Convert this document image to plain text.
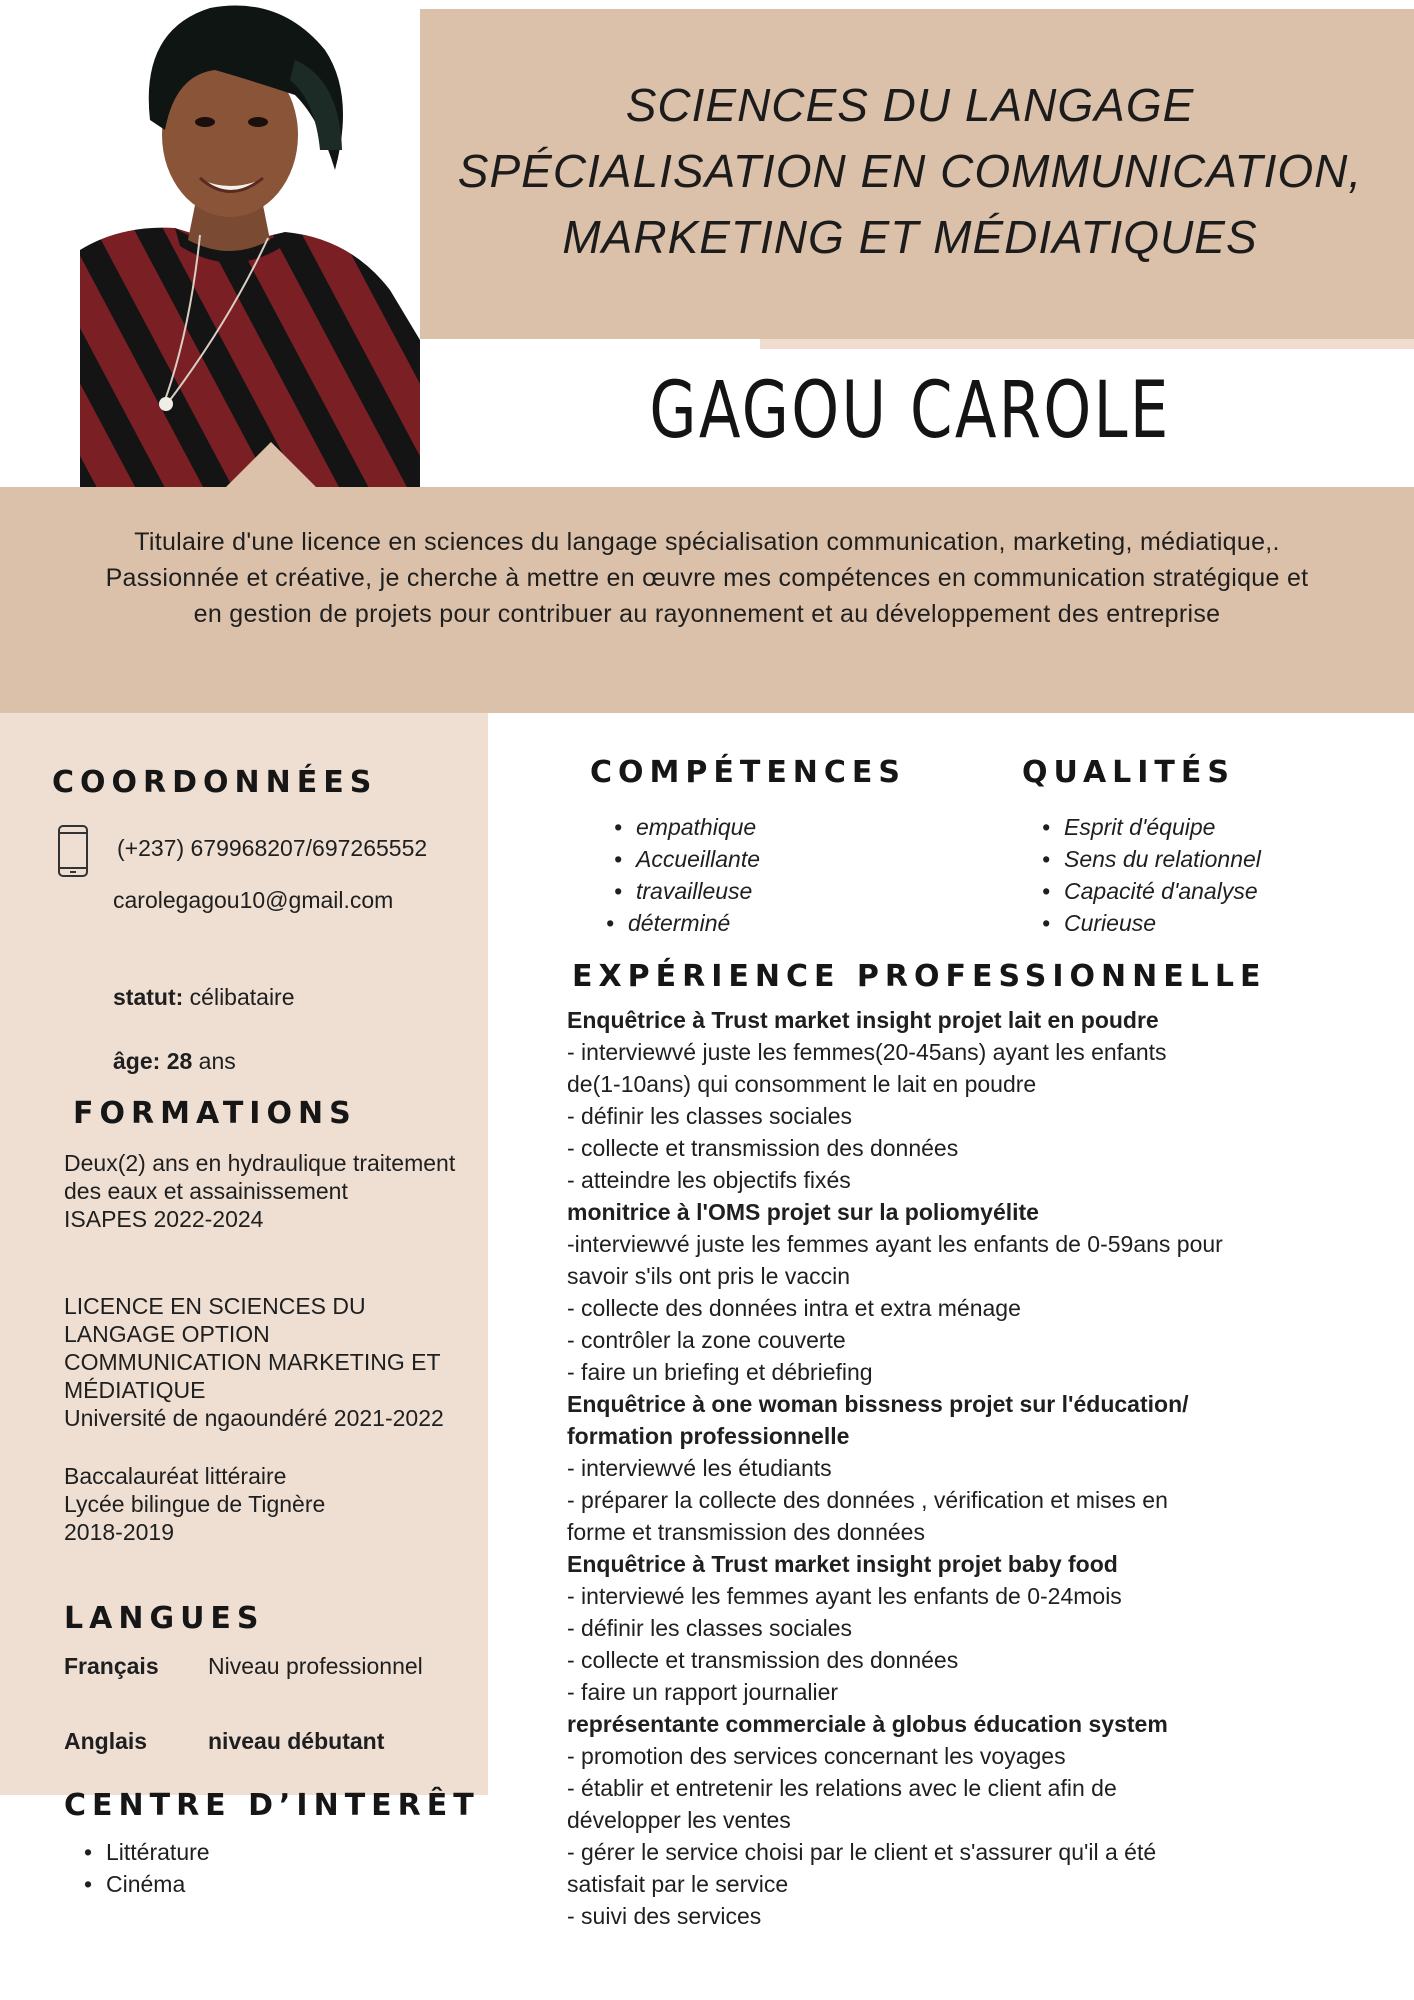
SCIENCES DU LANGAGE
SPÉCIALISATION EN COMMUNICATION,
MARKETING ET MÉDIATIQUES
GAGOU CAROLE
Titulaire d'une licence en sciences du langage spécialisation communication, marketing, médiatique,.
Passionnée et créative, je cherche à mettre en œuvre mes compétences en communication stratégique et
en gestion de projets pour contribuer au rayonnement et au développement des entreprise
COORDONNÉES
(+237) 679968207/697265552
carolegagou10@gmail.com
statut: célibataire
âge: 28 ans
FORMATIONS
Deux(2) ans en hydraulique traitement
des eaux et assainissement
ISAPES 2022-2024
LICENCE EN SCIENCES DU
LANGAGE OPTION
COMMUNICATION MARKETING ET
MÉDIATIQUE
Université de ngaoundéré 2021-2022
Baccalauréat littéraire
Lycée bilingue de Tignère
2018-2019
LANGUES
Français Niveau professionnel
Anglais	niveau débutant
CENTRE D’INTERÊT
• Littérature
• Cinéma
COMPÉTENCES
• empathique
• Accueillante
• travailleuse
• déterminé
QUALITÉS
• Esprit d'équipe
• Sens du relationnel
• Capacité d'analyse
• Curieuse
EXPÉRIENCE PROFESSIONNELLE
Enquêtrice à Trust market insight projet lait en poudre
- interviewvé juste les femmes(20-45ans) ayant les enfants
de(1-10ans) qui consomment le lait en poudre
- définir les classes sociales
- collecte et transmission des données
- atteindre les objectifs fixés
monitrice à l'OMS projet sur la poliomyélite
-interviewvé juste les femmes ayant les enfants de 0-59ans pour
savoir s'ils ont pris le vaccin
- collecte des données intra et extra ménage
- contrôler la zone couverte
- faire un briefing et débriefing
Enquêtrice à one woman bissness projet sur l'éducation/
formation professionnelle
- interviewvé les étudiants
- préparer la collecte des données , vérification et mises en
forme et transmission des données
Enquêtrice à Trust market insight projet baby food
- interviewé les femmes ayant les enfants de 0-24mois
- définir les classes sociales
- collecte et transmission des données
- faire un rapport journalier
représentante commerciale à globus éducation system
- promotion des services concernant les voyages
- établir et entretenir les relations avec le client afin de
développer les ventes
- gérer le service choisi par le client et s'assurer qu'il a été
satisfait par le service
- suivi des services
